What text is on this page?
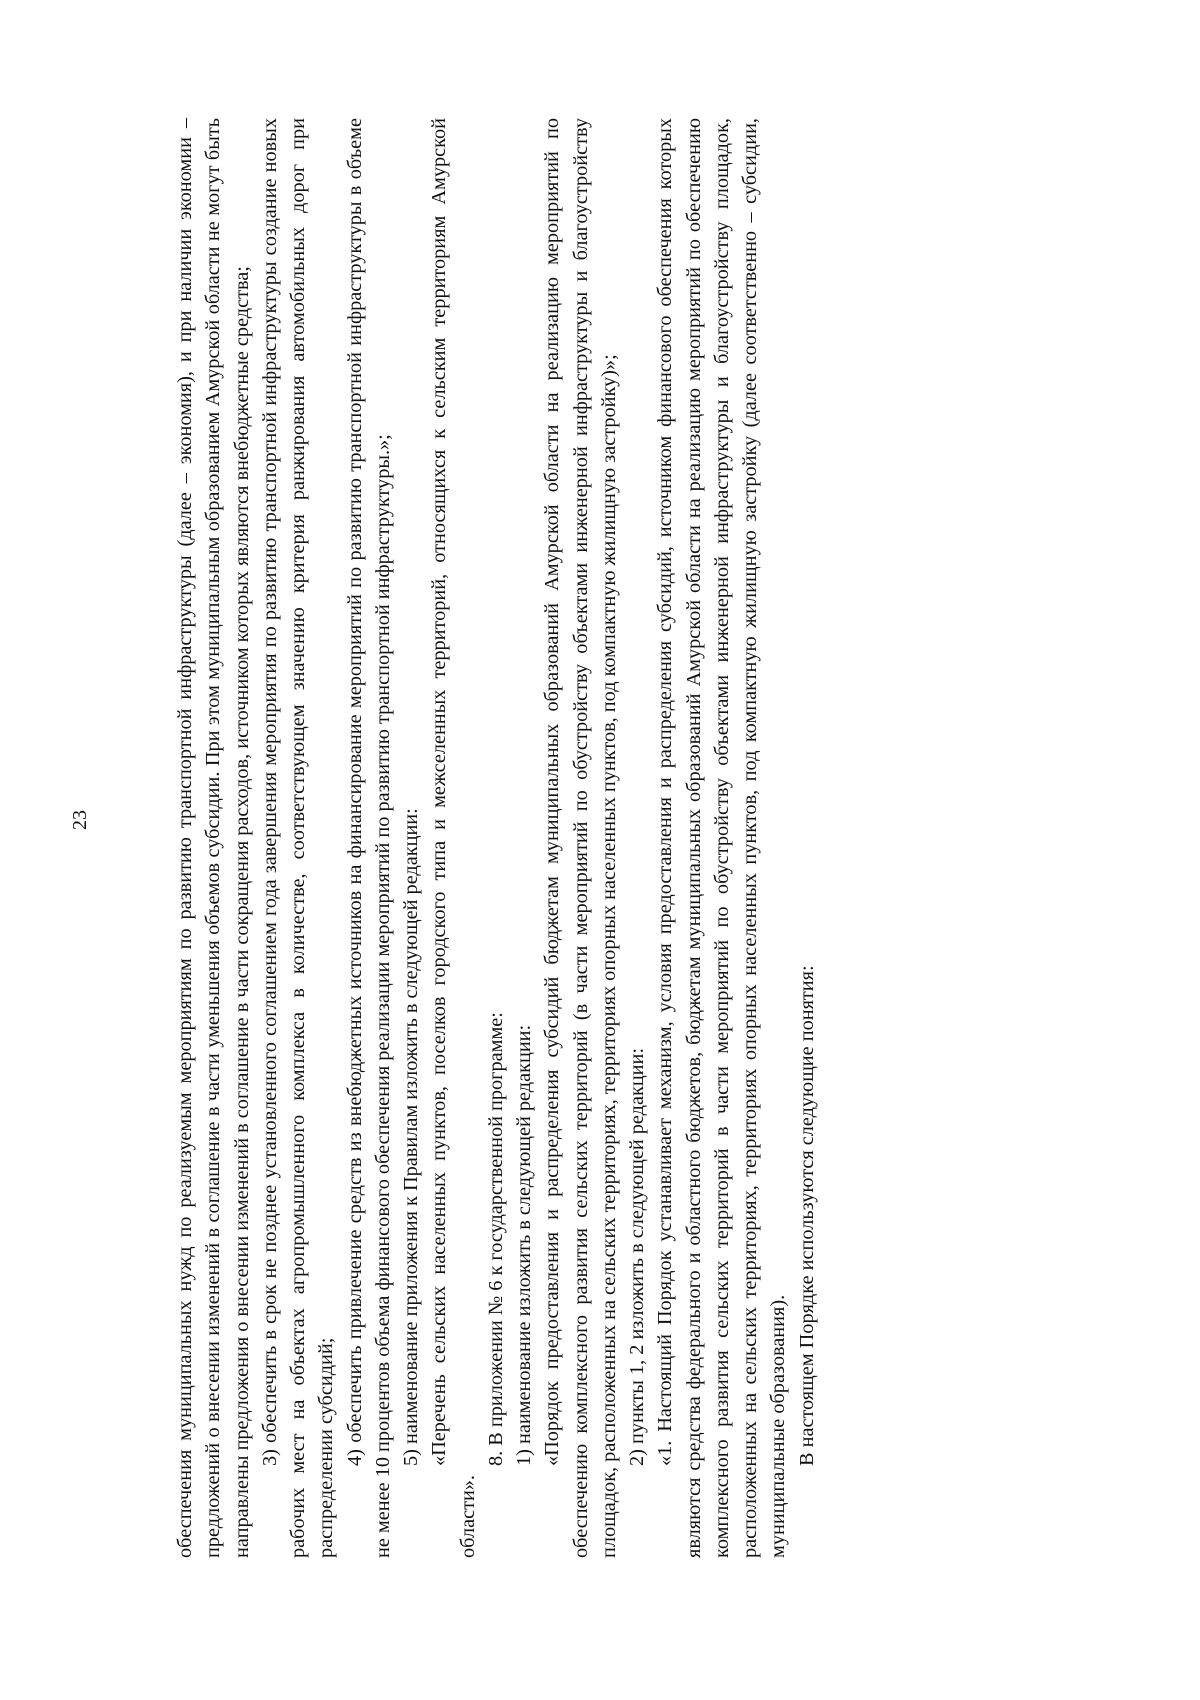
23	обеспечения муниципальных нужд по реализуемым мероприятиям по развитию транспортной инфраструктуры (далее – экономия), и при наличии экономии – предложений о внесении изменений в соглашение в части уменьшения объемов субсидии. При этом муниципальным образованием Амурской области не могут быть направлены предложения о внесении изменений в соглашение в части сокращения расходов, источником которых являются внебюджетные средства; 3) обеспечить в срок не позднее установленного соглашением года завершения мероприятия по развитию транспортной инфраструктуры создание новых рабочих мест на объектах агропромышленного комплекса в количестве, соответствующем значению критерия ранжирования автомобильных дорог при распределении субсидий; 4) обеспечить привлечение средств из внебюджетных источников на финансирование мероприятий по развитию транспортной инфраструктуры в объеме не менее 10 процентов объема финансового обеспечения реализации мероприятий по развитию транспортной инфраструктуры.»; 5) наименование приложения к Правилам изложить в следующей редакции: «Перечень сельских населенных пунктов, поселков городского типа и межселенных территорий, относящихся к сельским территориям Амурской области».

8. В приложении № 6 к государственной программе: 1) наименование изложить в следующей редакции: «Порядок предоставления и распределения субсидий бюджетам муниципальных образований Амурской области на реализацию мероприятий по обеспечению комплексного развития сельских территорий (в части мероприятий по обустройству объектами инженерной инфраструктуры и благоустройству площадок, расположенных на сельских территориях, территориях опорных населенных пунктов, под компактную жилищную застройку)»; 2) пункты 1, 2 изложить в следующей редакции: «1. Настоящий Порядок устанавливает механизм, условия предоставления и распределения субсидий, источником финансового обеспечения которых являются средства федерального и областного бюджетов, бюджетам муниципальных образований Амурской области на реализацию мероприятий по обеспечению комплексного развития сельских территорий в части мероприятий по обустройству объектами инженерной инфраструктуры и благоустройству площадок, расположенных на сельских территориях, территориях опорных населенных пунктов, под компактную жилищную застройку (далее соответственно – субсидии, муниципальные образования). В настоящем Порядке используются следующие понятия:
